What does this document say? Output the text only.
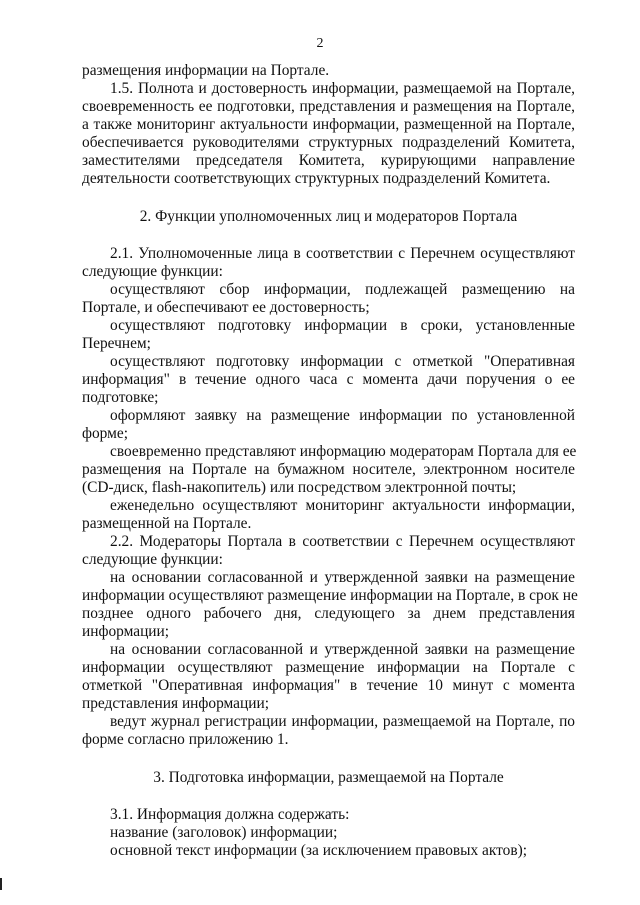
2
размещения информации на Портале.
1.5. Полнота и достоверность информации, размещаемой на Портале,
своевременность ее подготовки, представления и размещения на Портале,
а также мониторинг актуальности информации, размещенной на Портале,
обеспечивается руководителями структурных подразделений Комитета,
заместителями председателя Комитета, курирующими направление
деятельности соответствующих структурных подразделений Комитета.
2. Функции уполномоченных лиц и модераторов Портала
2.1. Уполномоченные лица в соответствии с Перечнем осуществляют
следующие функции:
осуществляют сбор информации, подлежащей размещению на
Портале, и обеспечивают ее достоверность;
осуществляют подготовку информации в сроки, установленные
Перечнем;
осуществляют подготовку информации с отметкой "Оперативная
информация" в течение одного часа с момента дачи поручения о ее
подготовке;
оформляют заявку на размещение информации по установленной
форме;
своевременно представляют информацию модераторам Портала для ее
размещения на Портале на бумажном носителе, электронном носителе
(CD-диск, flash-накопитель) или посредством электронной почты;
еженедельно осуществляют мониторинг актуальности информации,
размещенной на Портале.
2.2. Модераторы Портала в соответствии с Перечнем осуществляют
следующие функции:
на основании согласованной и утвержденной заявки на размещение
информации осуществляют размещение информации на Портале, в срок не
позднее одного рабочего дня, следующего за днем представления
информации;
на основании согласованной и утвержденной заявки на размещение
информации осуществляют размещение информации на Портале с
отметкой "Оперативная информация" в течение 10 минут с момента
представления информации;
ведут журнал регистрации информации, размещаемой на Портале, по
форме согласно приложению 1.
3. Подготовка информации, размещаемой на Портале
3.1. Информация должна содержать:
название (заголовок) информации;
основной текст информации (за исключением правовых актов);
